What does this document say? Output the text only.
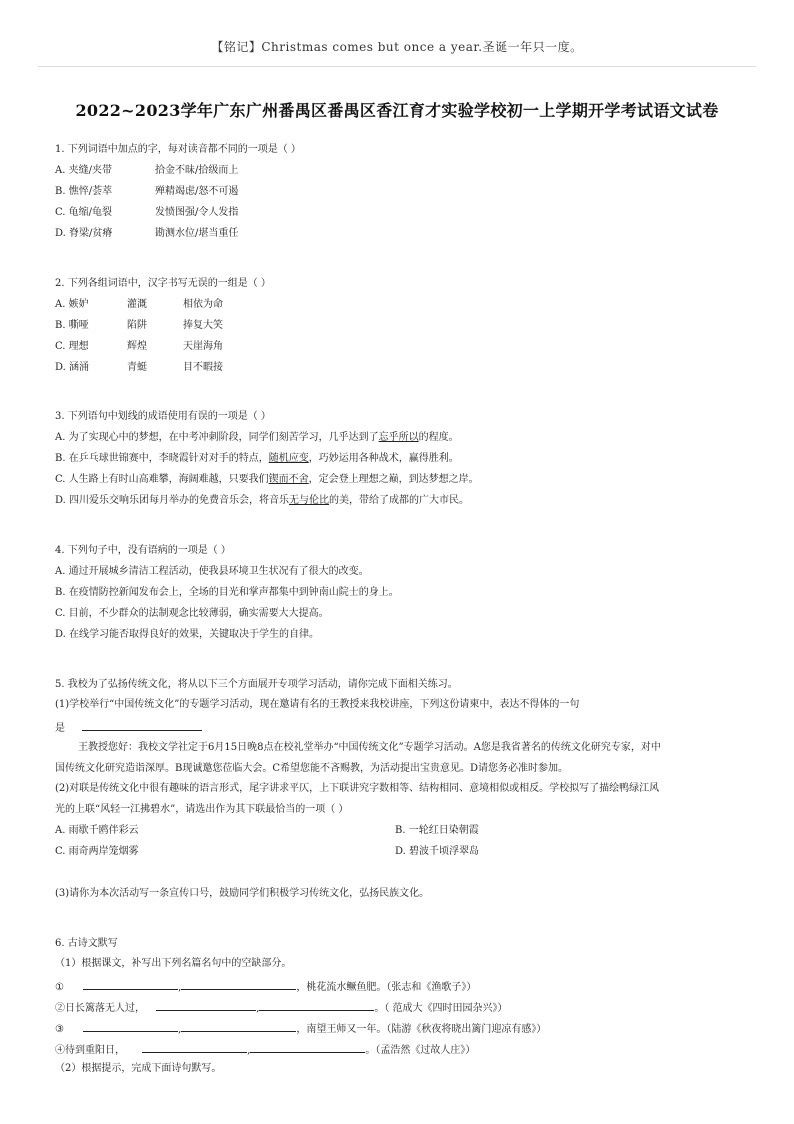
【铭记】Christmas comes but once a year.圣诞一年只一度。
2022~2023学年广东广州番禺区番禺区香江育才实验学校初一上学期开学考试语文试卷
1. 下列词语中加点的字，每对读音都不同的一项是（ ）
A. 夹缝/夹带	拾金不昧/拾级而上
B. 憔悴/荟萃	殚精竭虑/怒不可遏
C. 龟缩/龟裂	发愤图强/令人发指
D. 脊梁/贫瘠	勘测水位/堪当重任
2. 下列各组词语中，汉字书写无误的一组是（ ）
A. 嫉妒	灌溉	相依为命
B. 嘶哑	陷阱	捧复大笑
C. 理想	辉煌	天崖海角
D. 涵涌	青蜓	目不暇接
3. 下列语句中划线的成语使用有误的一项是（ ）
A. 为了实现心中的梦想，在中考冲刺阶段，同学们刻苦学习，几乎达到了忘乎所以的程度。
B. 在乒乓球世锦赛中，李晓霞针对对手的特点，随机应变，巧妙运用各种战术，赢得胜利。
C. 人生路上有时山高难攀，海阔难越，只要我们锲而不舍，定会登上理想之巅，到达梦想之岸。
D. 四川爱乐交响乐团每月举办的免费音乐会，将音乐无与伦比的美，带给了成都的广大市民。
4. 下列句子中，没有语病的一项是（ ）
A. 通过开展城乡清洁工程活动，使我县环境卫生状况有了很大的改变。
B. 在疫情防控新闻发布会上，全场的目光和掌声都集中到钟南山院士的身上。
C. 目前，不少群众的法制观念比较薄弱，确实需要大大提高。
D. 在线学习能否取得良好的效果，关键取决于学生的自律。
5. 我校为了弘扬传统文化，将从以下三个方面展开专项学习活动，请你完成下面相关练习。
(1)学校举行“中国传统文化”的专题学习活动，现在邀请有名的王教授来我校讲座，下列这份请柬中，表达不得体的一句
是
王教授您好：我校文学社定于6月15日晚8点在校礼堂举办“中国传统文化”专题学习活动。A您是我省著名的传统文化研究专家，对中
国传统文化研究造诣深厚。B现诚邀您莅临大会。C希望您能不吝赐教，为活动提出宝贵意见。D请您务必准时参加。
(2)对联是传统文化中很有趣味的语言形式，尾字讲求平仄，上下联讲究字数相等、结构相同、意境相似或相反。学校拟写了描绘鸭绿江风
光的上联“风轻一江拂碧水”，请选出作为其下联最恰当的一项（ ）
A. 雨歇千鸥伴彩云	B. 一轮红日染朝霞
C. 雨奇两岸笼烟雾	D. 碧波千顷浮翠岛
(3)请你为本次活动写一条宣传口号，鼓励同学们积极学习传统文化，弘扬民族文化。
6. 古诗文默写
（1）根据课文，补写出下列名篇名句中的空缺部分。
①	,	，桃花流水鳜鱼肥。（张志和《渔歌子》）
②日长篱落无人过，	,	。（ 范成大《四时田园杂兴》）
③	,	，南望王师又一年。（陆游《秋夜将晓出篱门迎凉有感》）
④待到重阳日，	,	。（孟浩然《过故人庄》）
（2）根据提示，完成下面诗句默写。
